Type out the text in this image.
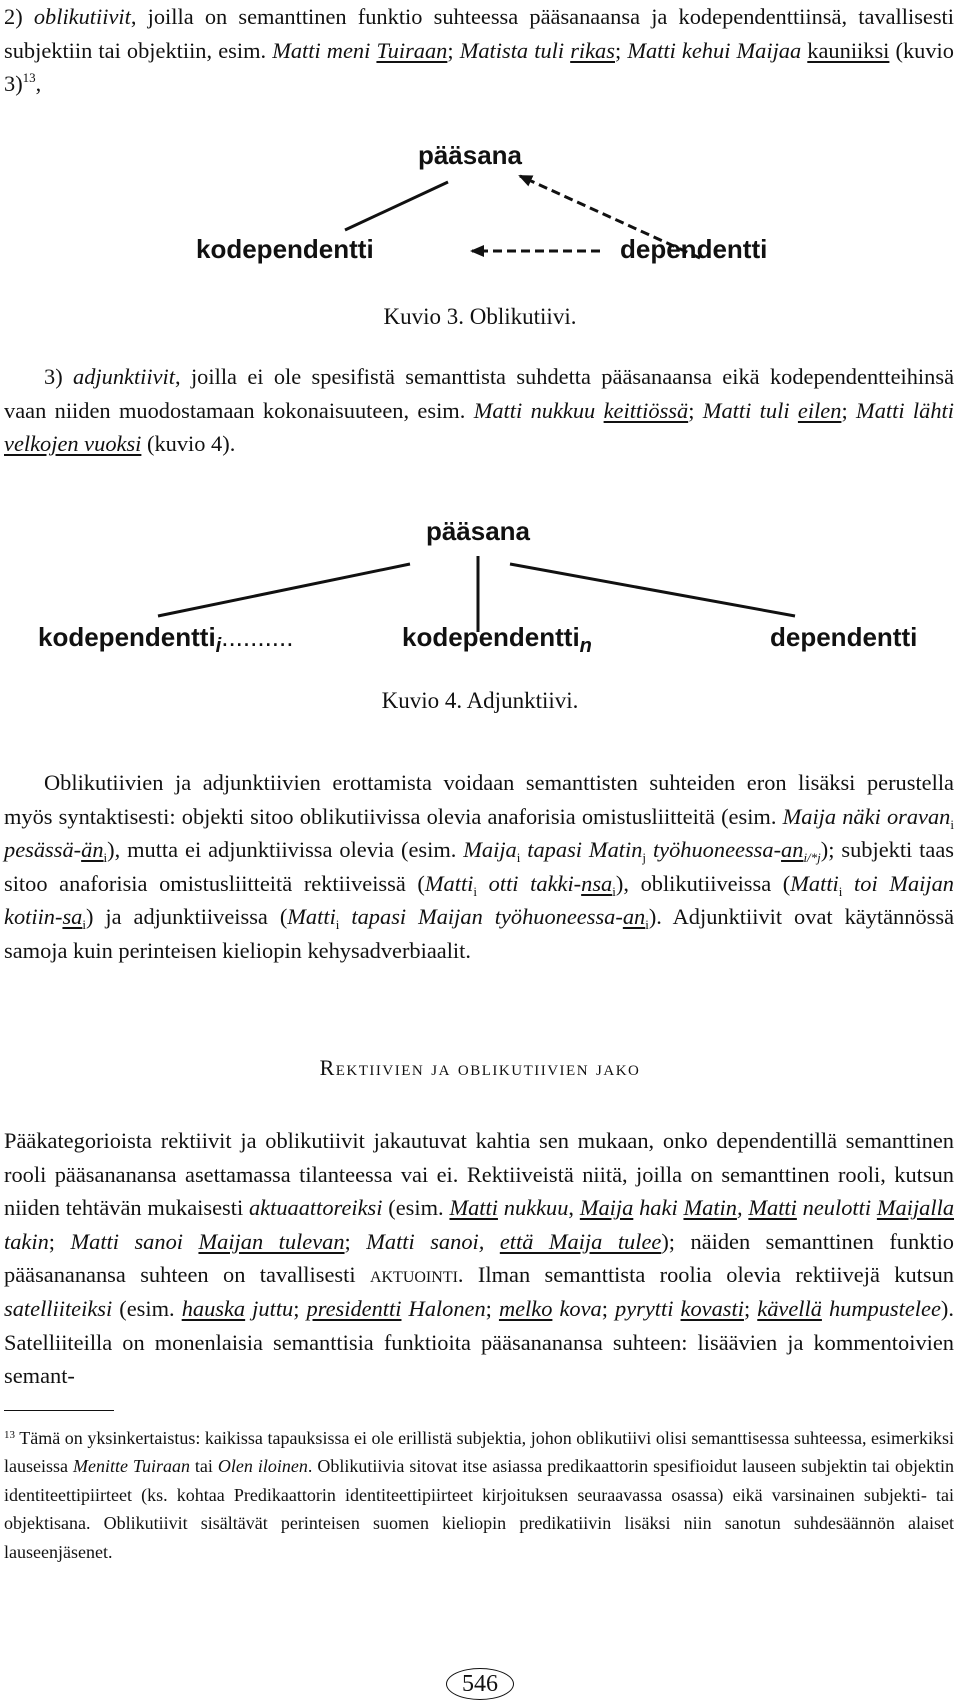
2) oblikutiivit, joilla on semanttinen funktio suhteessa pääsanaansa ja kodependenttiinsä, tavallisesti subjektiin tai objektiin, esim. Matti meni Tuiraan; Matista tuli rikas; Matti kehui Maijaa kauniiksi (kuvio 3)$^{13}$,

pääsana
kodependentti	dependentti
Kuvio 3. Oblikutiivi.

3) adjunktiivit, joilla ei ole spesifistä semanttista suhdetta pääsanaansa eikä kodependentteihinsä vaan niiden muodostamaan kokonaisuuteen, esim. Matti nukkuu keittiössä; Matti tuli eilen; Matti lähti velkojen vuoksi (kuvio 4).

pääsana
kodependentti$_i$..........	kodependentti$_n$	dependentti
Kuvio 4. Adjunktiivi.

Oblikutiivien ja adjunktiivien erottamista voidaan semanttisten suhteiden eron lisäksi perustella myös syntaktisesti: objekti sitoo oblikutiivissa olevia anaforisia omistusliitteitä (esim. Maija näki oravan$_i$ pesässä-$än_i$), mutta ei adjunktiivissa olevia (esim. Maija$_i$ tapasi Matin$_j$ työhuoneessa-$an_{i/*j}$); subjekti taas sitoo anaforisia omistusliitteitä rektiiveissä (Matti$_i$ otti takki-nsa$_i$), oblikutiiveissa (Matti$_i$ toi Maijan kotiin-$sa_i$) ja adjunktiiveissa (Matti$_i$ tapasi Maijan työhuoneessa-$an_i$). Adjunktiivit ovat käytännössä samoja kuin perinteisen kieliopin kehysadverbiaalit.

Rektiivien ja oblikutiivien jako

Pääkategorioista rektiivit ja oblikutiivit jakautuvat kahtia sen mukaan, onko dependentillä semanttinen rooli pääsananansa asettamassa tilanteessa vai ei. Rektiiveistä niitä, joilla on semanttinen rooli, kutsun niiden tehtävän mukaisesti aktuaattoreiksi (esim. Matti nukkuu, Maija haki Matin, Matti neulotti Maijalla takin; Matti sanoi Maijan tulevan; Matti sanoi, että Maija tulee); näiden semanttinen funktio pääsananansa suhteen on tavallisesti aktuointi. Ilman semanttista roolia olevia rektiivejä kutsun satelliiteiksi (esim. hauska juttu; presidentti Halonen; melko kova; pyrytti kovasti; kävellä humpustelee). Satelliiteilla on monenlaisia semanttisia funktioita pääsananansa suhteen: lisäävien ja kommentoivien semant-

$^{13}$ Tämä on yksinkertaistus: kaikissa tapauksissa ei ole erillistä subjektia, johon oblikutiivi olisi semanttisessa suhteessa, esimerkiksi lauseissa Menitte Tuiraan tai Olen iloinen. Oblikutiivia sitovat itse asiassa predikaattorin spesifioidut lauseen subjektin tai objektin identiteettipiirteet (ks. kohtaa Predikaattorin identiteettipiirteet kirjoituksen seuraavassa osassa) eikä varsinainen subjekti- tai objektisana. Oblikutiivit sisältävät perinteisen suomen kieliopin predikatiivin lisäksi niin sanotun suhdesäännön alaiset lauseenjäsenet.

546
